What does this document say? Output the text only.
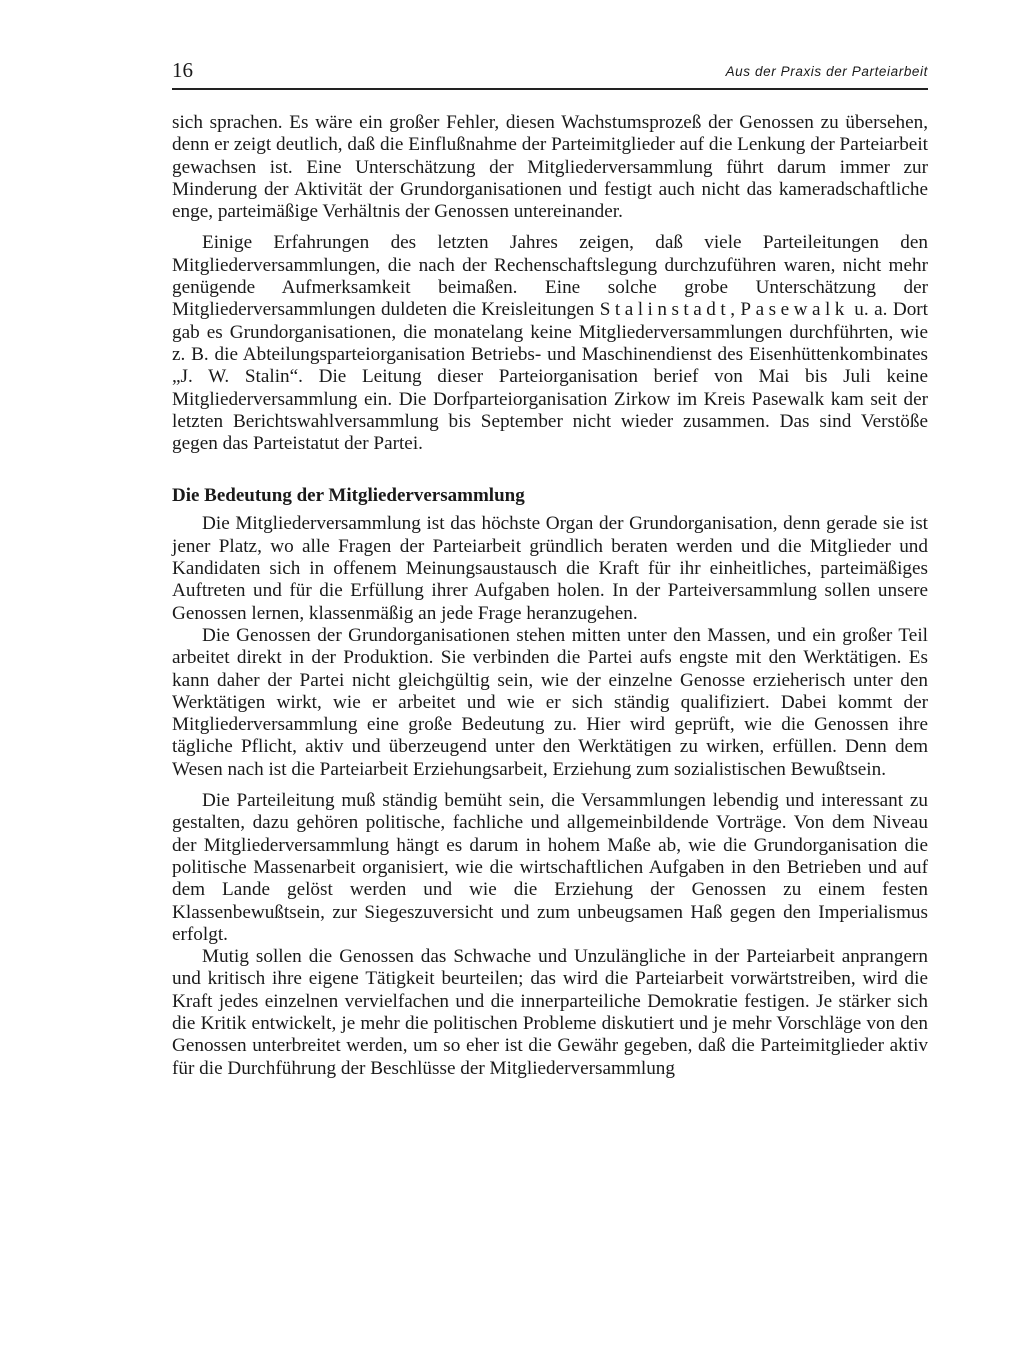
16	Aus der Praxis der Parteiarbeit

sich sprachen. Es wäre ein großer Fehler, diesen Wachstumsprozeß der Genossen zu übersehen, denn er zeigt deutlich, daß die Einflußnahme der Parteimitglieder auf die Lenkung der Parteiarbeit gewachsen ist. Eine Unterschätzung der Mitgliederversammlung führt darum immer zur Minderung der Aktivität der Grundorganisationen und festigt auch nicht das kameradschaftliche enge, parteimäßige Verhältnis der Genossen untereinander.

Einige Erfahrungen des letzten Jahres zeigen, daß viele Parteileitungen den Mitgliederversammlungen, die nach der Rechenschaftslegung durchzuführen waren, nicht mehr genügende Aufmerksamkeit beimaßen. Eine solche grobe Unterschätzung der Mitgliederversammlungen duldeten die Kreisleitungen Stalinstadt, Pasewalk u. a. Dort gab es Grundorganisationen, die monatelang keine Mitgliederversammlungen durchführten, wie z. B. die Abteilungsparteiorganisation Betriebs- und Maschinendienst des Eisenhüttenkombinates „J. W. Stalin“. Die Leitung dieser Parteiorganisation berief von Mai bis Juli keine Mitgliederversammlung ein. Die Dorfparteiorganisation Zirkow im Kreis Pasewalk kam seit der letzten Berichtswahlversammlung bis September nicht wieder zusammen. Das sind Verstöße gegen das Parteistatut der Partei.

Die Bedeutung der Mitgliederversammlung

Die Mitgliederversammlung ist das höchste Organ der Grundorganisation, denn gerade sie ist jener Platz, wo alle Fragen der Parteiarbeit gründlich beraten werden und die Mitglieder und Kandidaten sich in offenem Meinungsaustausch die Kraft für ihr einheitliches, parteimäßiges Auftreten und für die Erfüllung ihrer Aufgaben holen. In der Parteiversammlung sollen unsere Genossen lernen, klassenmäßig an jede Frage heranzugehen.

Die Genossen der Grundorganisationen stehen mitten unter den Massen, und ein großer Teil arbeitet direkt in der Produktion. Sie verbinden die Partei aufs engste mit den Werktätigen. Es kann daher der Partei nicht gleichgültig sein, wie der einzelne Genosse erzieherisch unter den Werktätigen wirkt, wie er arbeitet und wie er sich ständig qualifiziert. Dabei kommt der Mitgliederversammlung eine große Bedeutung zu. Hier wird geprüft, wie die Genossen ihre tägliche Pflicht, aktiv und überzeugend unter den Werktätigen zu wirken, erfüllen. Denn dem Wesen nach ist die Parteiarbeit Erziehungsarbeit, Erziehung zum sozialistischen Bewußtsein.

Die Parteileitung muß ständig bemüht sein, die Versammlungen lebendig und interessant zu gestalten, dazu gehören politische, fachliche und allgemeinbildende Vorträge. Von dem Niveau der Mitgliederversammlung hängt es darum in hohem Maße ab, wie die Grundorganisation die politische Massenarbeit organisiert, wie die wirtschaftlichen Aufgaben in den Betrieben und auf dem Lande gelöst werden und wie die Erziehung der Genossen zu einem festen Klassenbewußtsein, zur Siegeszuversicht und zum unbeugsamen Haß gegen den Imperialismus erfolgt.

Mutig sollen die Genossen das Schwache und Unzulängliche in der Parteiarbeit anprangern und kritisch ihre eigene Tätigkeit beurteilen; das wird die Parteiarbeit vorwärtstreiben, wird die Kraft jedes einzelnen vervielfachen und die innerparteiliche Demokratie festigen. Je stärker sich die Kritik entwickelt, je mehr die politischen Probleme diskutiert und je mehr Vorschläge von den Genossen unterbreitet werden, um so eher ist die Gewähr gegeben, daß die Parteimitglieder aktiv für die Durchführung der Beschlüsse der Mitgliederversammlung
